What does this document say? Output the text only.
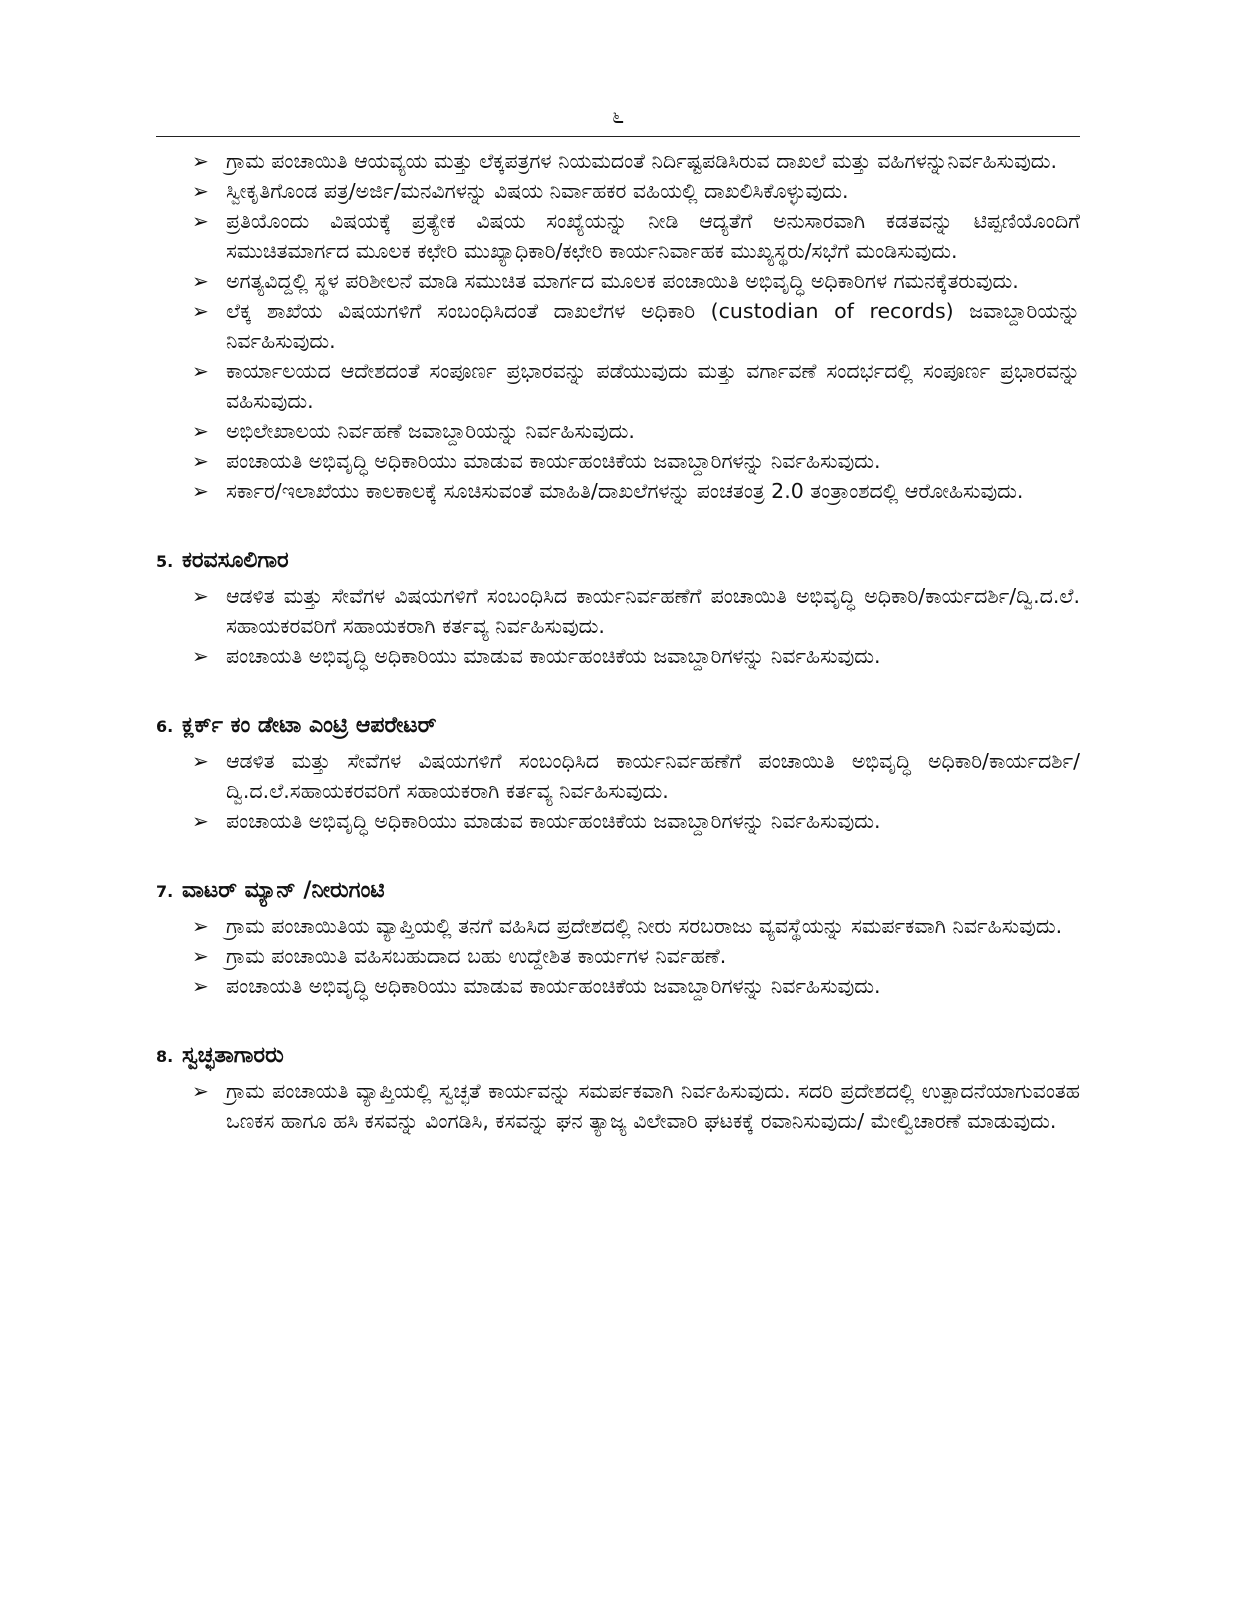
೬
➢ ಗ್ರಾಮ ಪಂಚಾಯಿತಿ ಆಯವ್ಯಯ ಮತ್ತು ಲೆಕ್ಕಪತ್ರಗಳ ನಿಯಮದಂತೆ ನಿರ್ದಿಷ್ಟಪಡಿಸಿರುವ ದಾಖಲೆ ಮತ್ತು ವಹಿಗಳನ್ನುನಿರ್ವಹಿಸುವುದು.
➢ ಸ್ವೀಕೃತಿಗೊಂಡ ಪತ್ರ/ಅರ್ಜಿ/ಮನವಿಗಳನ್ನು ವಿಷಯ ನಿರ್ವಾಹಕರ ವಹಿಯಲ್ಲಿ ದಾಖಲಿಸಿಕೊಳ್ಳುವುದು.
➢ ಪ್ರತಿಯೊಂದು ವಿಷಯಕ್ಕೆ ಪ್ರತ್ಯೇಕ ವಿಷಯ ಸಂಖ್ಯೆಯನ್ನು ನೀಡಿ ಆದ್ಯತೆಗೆ ಅನುಸಾರವಾಗಿ ಕಡತವನ್ನು ಟಿಪ್ಪಣಿಯೊಂದಿಗೆ ಸಮುಚಿತಮಾರ್ಗದ ಮೂಲಕ ಕಛೇರಿ ಮುಖ್ಯಾಧಿಕಾರಿ/ಕಛೇರಿ ಕಾರ್ಯನಿರ್ವಾಹಕ ಮುಖ್ಯಸ್ಥರು/ಸಭೆಗೆ ಮಂಡಿಸುವುದು.
➢ ಅಗತ್ಯವಿದ್ದಲ್ಲಿ ಸ್ಥಳ ಪರಿಶೀಲನೆ ಮಾಡಿ ಸಮುಚಿತ ಮಾರ್ಗದ ಮೂಲಕ ಪಂಚಾಯಿತಿ ಅಭಿವೃದ್ಧಿ ಅಧಿಕಾರಿಗಳ ಗಮನಕ್ಕೆತರುವುದು.
➢ ಲೆಕ್ಕ ಶಾಖೆಯ ವಿಷಯಗಳಿಗೆ ಸಂಬಂಧಿಸಿದಂತೆ ದಾಖಲೆಗಳ ಅಧಿಕಾರಿ (custodian of records) ಜವಾಬ್ದಾರಿಯನ್ನು ನಿರ್ವಹಿಸುವುದು.
➢ ಕಾರ್ಯಾಲಯದ ಆದೇಶದಂತೆ ಸಂಪೂರ್ಣ ಪ್ರಭಾರವನ್ನು ಪಡೆಯುವುದು ಮತ್ತು ವರ್ಗಾವಣೆ ಸಂದರ್ಭದಲ್ಲಿ ಸಂಪೂರ್ಣ ಪ್ರಭಾರವನ್ನು ವಹಿಸುವುದು.
➢ ಅಭಿಲೇಖಾಲಯ ನಿರ್ವಹಣೆ ಜವಾಬ್ದಾರಿಯನ್ನು ನಿರ್ವಹಿಸುವುದು.
➢ ಪಂಚಾಯತಿ ಅಭಿವೃದ್ಧಿ ಅಧಿಕಾರಿಯು ಮಾಡುವ ಕಾರ್ಯಹಂಚಿಕೆಯ ಜವಾಬ್ದಾರಿಗಳನ್ನು ನಿರ್ವಹಿಸುವುದು.
➢ ಸರ್ಕಾರ/ಇಲಾಖೆಯು ಕಾಲಕಾಲಕ್ಕೆ ಸೂಚಿಸುವಂತೆ ಮಾಹಿತಿ/ದಾಖಲೆಗಳನ್ನು ಪಂಚತಂತ್ರ 2.0 ತಂತ್ರಾಂಶದಲ್ಲಿ ಆರೋಹಿಸುವುದು.
5. ಕರವಸೂಲಿಗಾರ
➢ ಆಡಳಿತ ಮತ್ತು ಸೇವೆಗಳ ವಿಷಯಗಳಿಗೆ ಸಂಬಂಧಿಸಿದ ಕಾರ್ಯನಿರ್ವಹಣೆಗೆ ಪಂಚಾಯಿತಿ ಅಭಿವೃದ್ಧಿ ಅಧಿಕಾರಿ/ಕಾರ್ಯದರ್ಶಿ/ದ್ವಿ.ದ.ಲೆ. ಸಹಾಯಕರವರಿಗೆ ಸಹಾಯಕರಾಗಿ ಕರ್ತವ್ಯ ನಿರ್ವಹಿಸುವುದು.
➢ ಪಂಚಾಯತಿ ಅಭಿವೃದ್ಧಿ ಅಧಿಕಾರಿಯು ಮಾಡುವ ಕಾರ್ಯಹಂಚಿಕೆಯ ಜವಾಬ್ದಾರಿಗಳನ್ನು ನಿರ್ವಹಿಸುವುದು.
6. ಕ್ಲರ್ಕ್ ಕಂ ಡೇಟಾ ಎಂಟ್ರಿ ಆಪರೇಟರ್
➢ ಆಡಳಿತ ಮತ್ತು ಸೇವೆಗಳ ವಿಷಯಗಳಿಗೆ ಸಂಬಂಧಿಸಿದ ಕಾರ್ಯನಿರ್ವಹಣೆಗೆ ಪಂಚಾಯಿತಿ ಅಭಿವೃದ್ಧಿ ಅಧಿಕಾರಿ/ಕಾರ್ಯದರ್ಶಿ/ದ್ವಿ.ದ.ಲೆ.ಸಹಾಯಕರವರಿಗೆ ಸಹಾಯಕರಾಗಿ ಕರ್ತವ್ಯ ನಿರ್ವಹಿಸುವುದು.
➢ ಪಂಚಾಯತಿ ಅಭಿವೃದ್ಧಿ ಅಧಿಕಾರಿಯು ಮಾಡುವ ಕಾರ್ಯಹಂಚಿಕೆಯ ಜವಾಬ್ದಾರಿಗಳನ್ನು ನಿರ್ವಹಿಸುವುದು.
7. ವಾಟರ್ ಮ್ಯಾನ್ /ನೀರುಗಂಟಿ
➢ ಗ್ರಾಮ ಪಂಚಾಯಿತಿಯ ವ್ಯಾಪ್ತಿಯಲ್ಲಿ ತನಗೆ ವಹಿಸಿದ ಪ್ರದೇಶದಲ್ಲಿ ನೀರು ಸರಬರಾಜು ವ್ಯವಸ್ಥೆಯನ್ನು ಸಮರ್ಪಕವಾಗಿ ನಿರ್ವಹಿಸುವುದು.
➢ ಗ್ರಾಮ ಪಂಚಾಯಿತಿ ವಹಿಸಬಹುದಾದ ಬಹು ಉದ್ದೇಶಿತ ಕಾರ್ಯಗಳ ನಿರ್ವಹಣೆ.
➢ ಪಂಚಾಯತಿ ಅಭಿವೃದ್ಧಿ ಅಧಿಕಾರಿಯು ಮಾಡುವ ಕಾರ್ಯಹಂಚಿಕೆಯ ಜವಾಬ್ದಾರಿಗಳನ್ನು ನಿರ್ವಹಿಸುವುದು.
8. ಸ್ವಚ್ಛತಾಗಾರರು
➢ ಗ್ರಾಮ ಪಂಚಾಯತಿ ವ್ಯಾಪ್ತಿಯಲ್ಲಿ ಸ್ವಚ್ಛತೆ ಕಾರ್ಯವನ್ನು ಸಮರ್ಪಕವಾಗಿ ನಿರ್ವಹಿಸುವುದು. ಸದರಿ ಪ್ರದೇಶದಲ್ಲಿ ಉತ್ಪಾದನೆಯಾಗುವಂತಹ ಒಣಕಸ ಹಾಗೂ ಹಸಿ ಕಸವನ್ನು ವಿಂಗಡಿಸಿ, ಕಸವನ್ನು ಘನ ತ್ಯಾಜ್ಯ ವಿಲೇವಾರಿ ಘಟಕಕ್ಕೆ ರವಾನಿಸುವುದು/ ಮೇಲ್ವಿಚಾರಣೆ ಮಾಡುವುದು.
